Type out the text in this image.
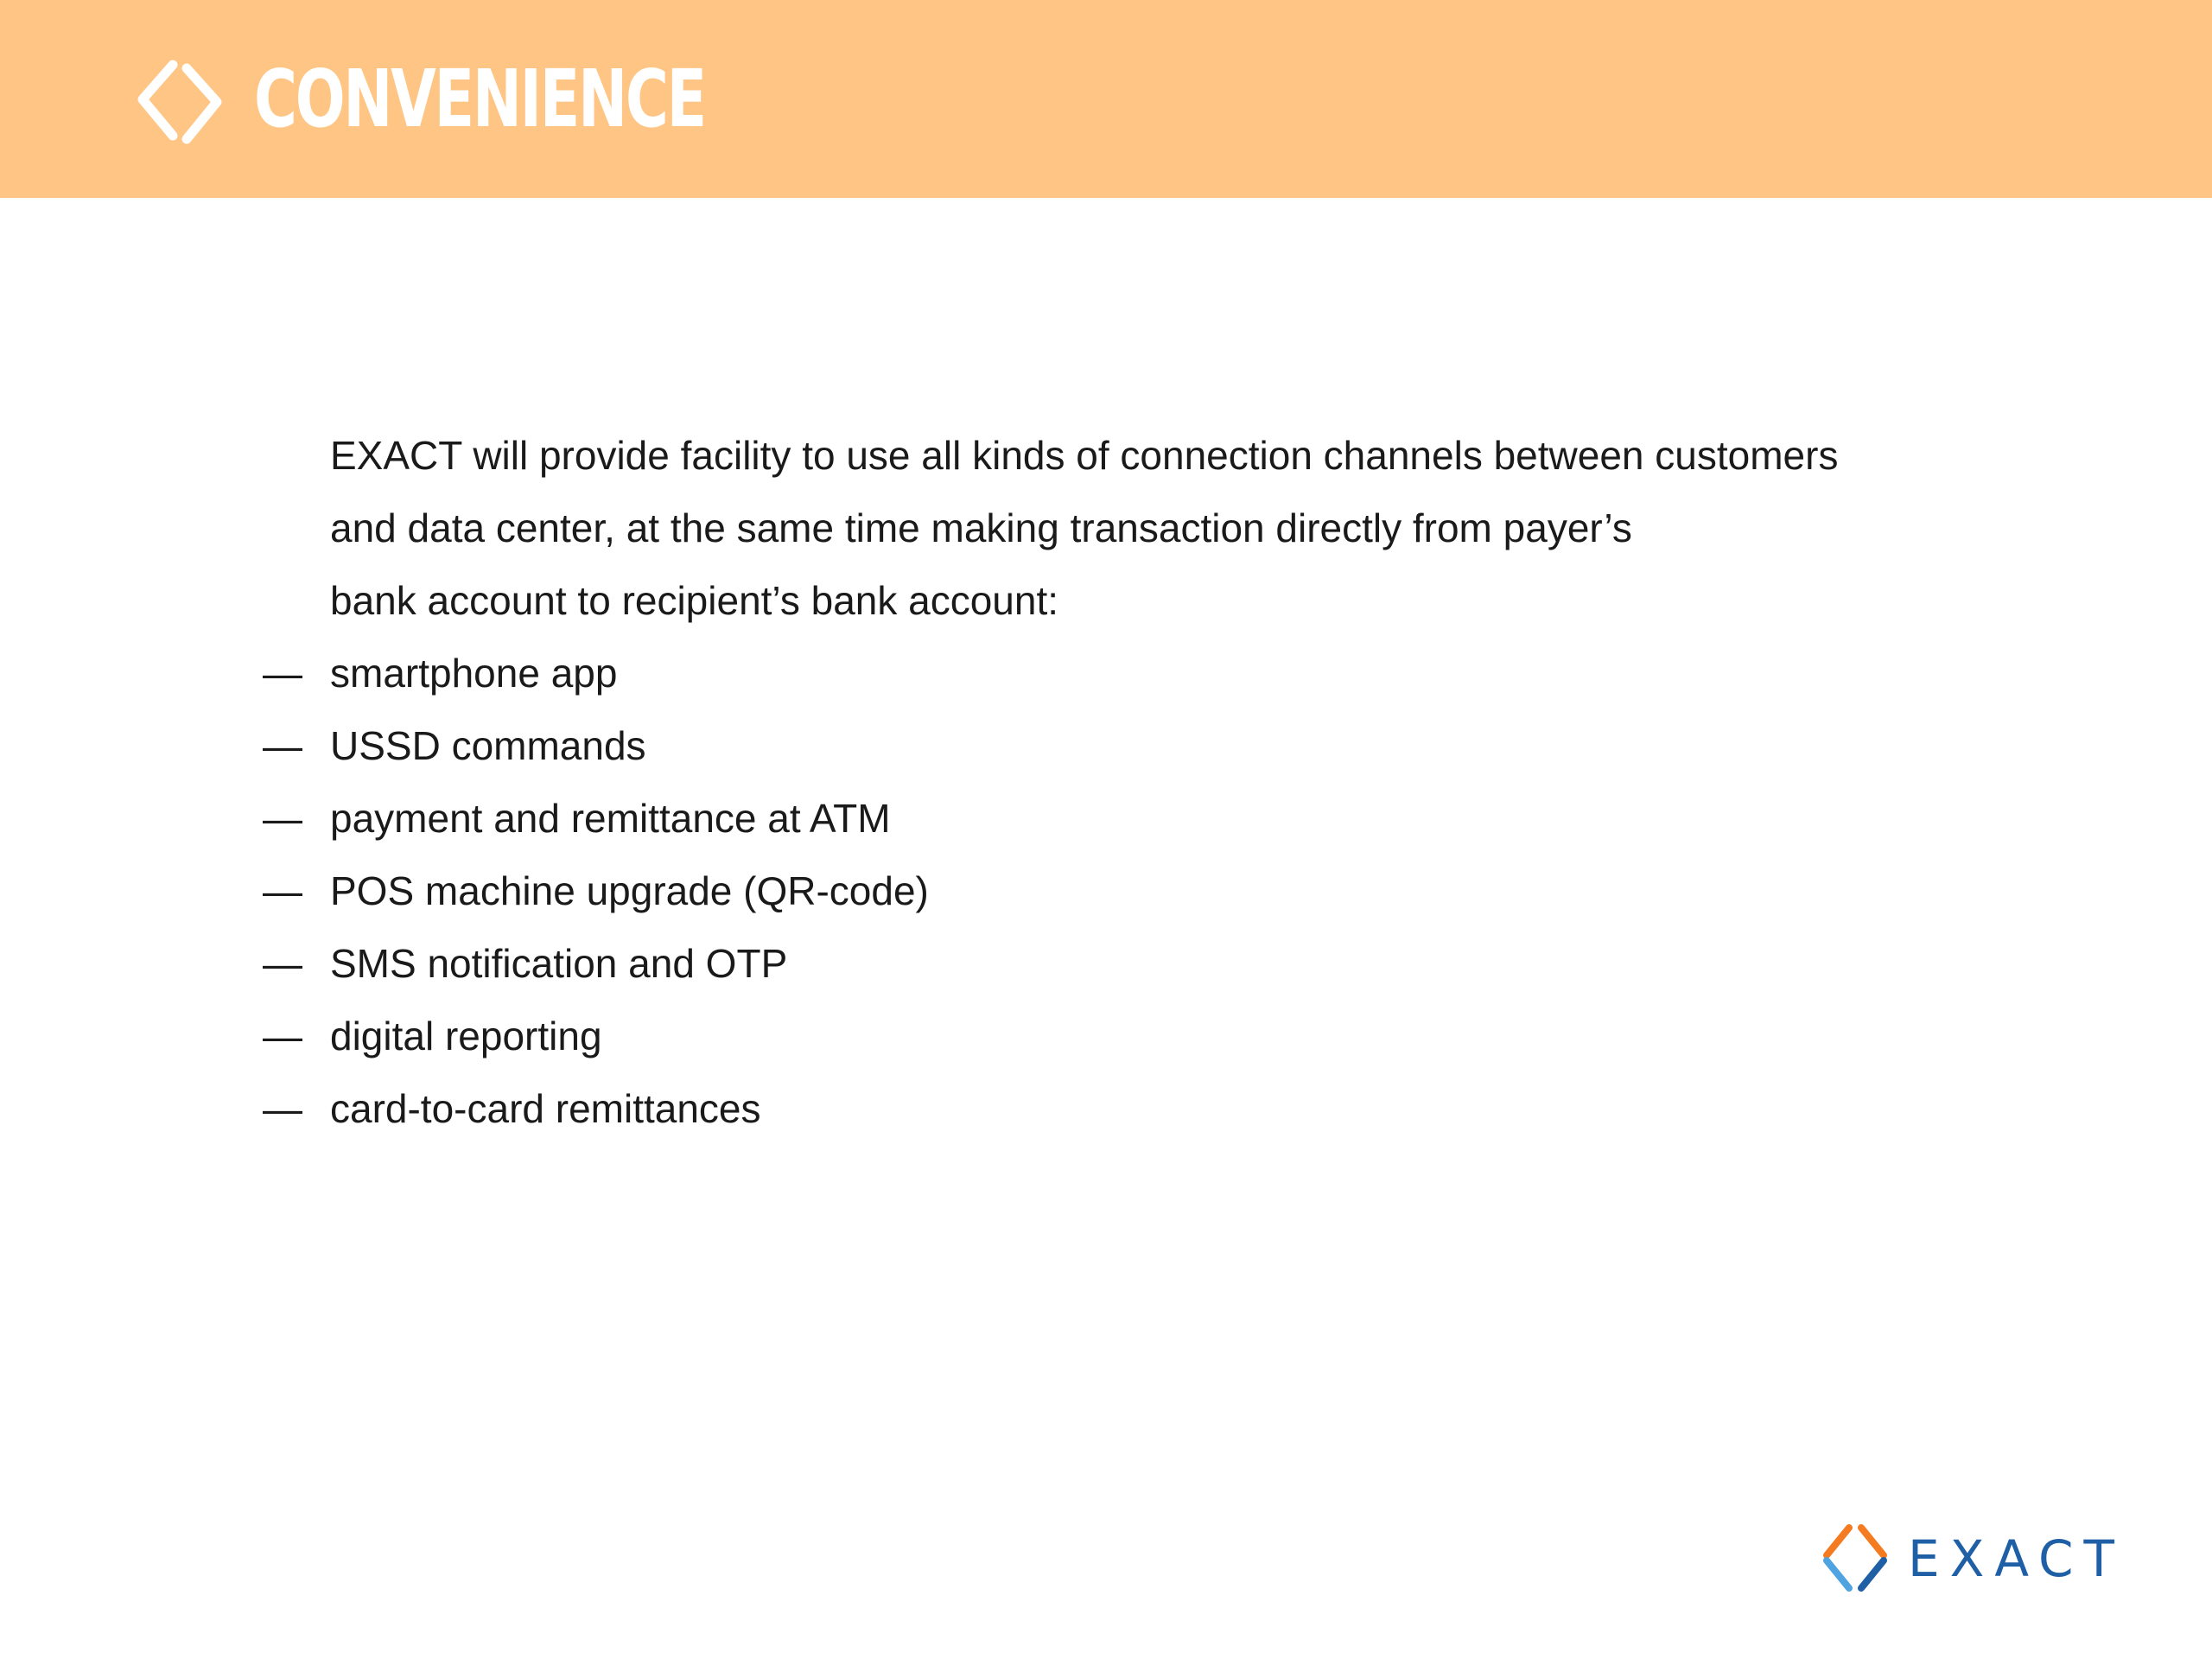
CONVENIENCE
EXACT will provide facility to use all kinds of connection channels between customers
and data center, at the same time making transaction directly from payer’s
bank account to recipient’s bank account:
— smartphone app
— USSD commands
— payment and remittance at ATM
— POS machine upgrade (QR-code)
— SMS notification and OTP
— digital reporting
— card-to-card remittances
EXACT
